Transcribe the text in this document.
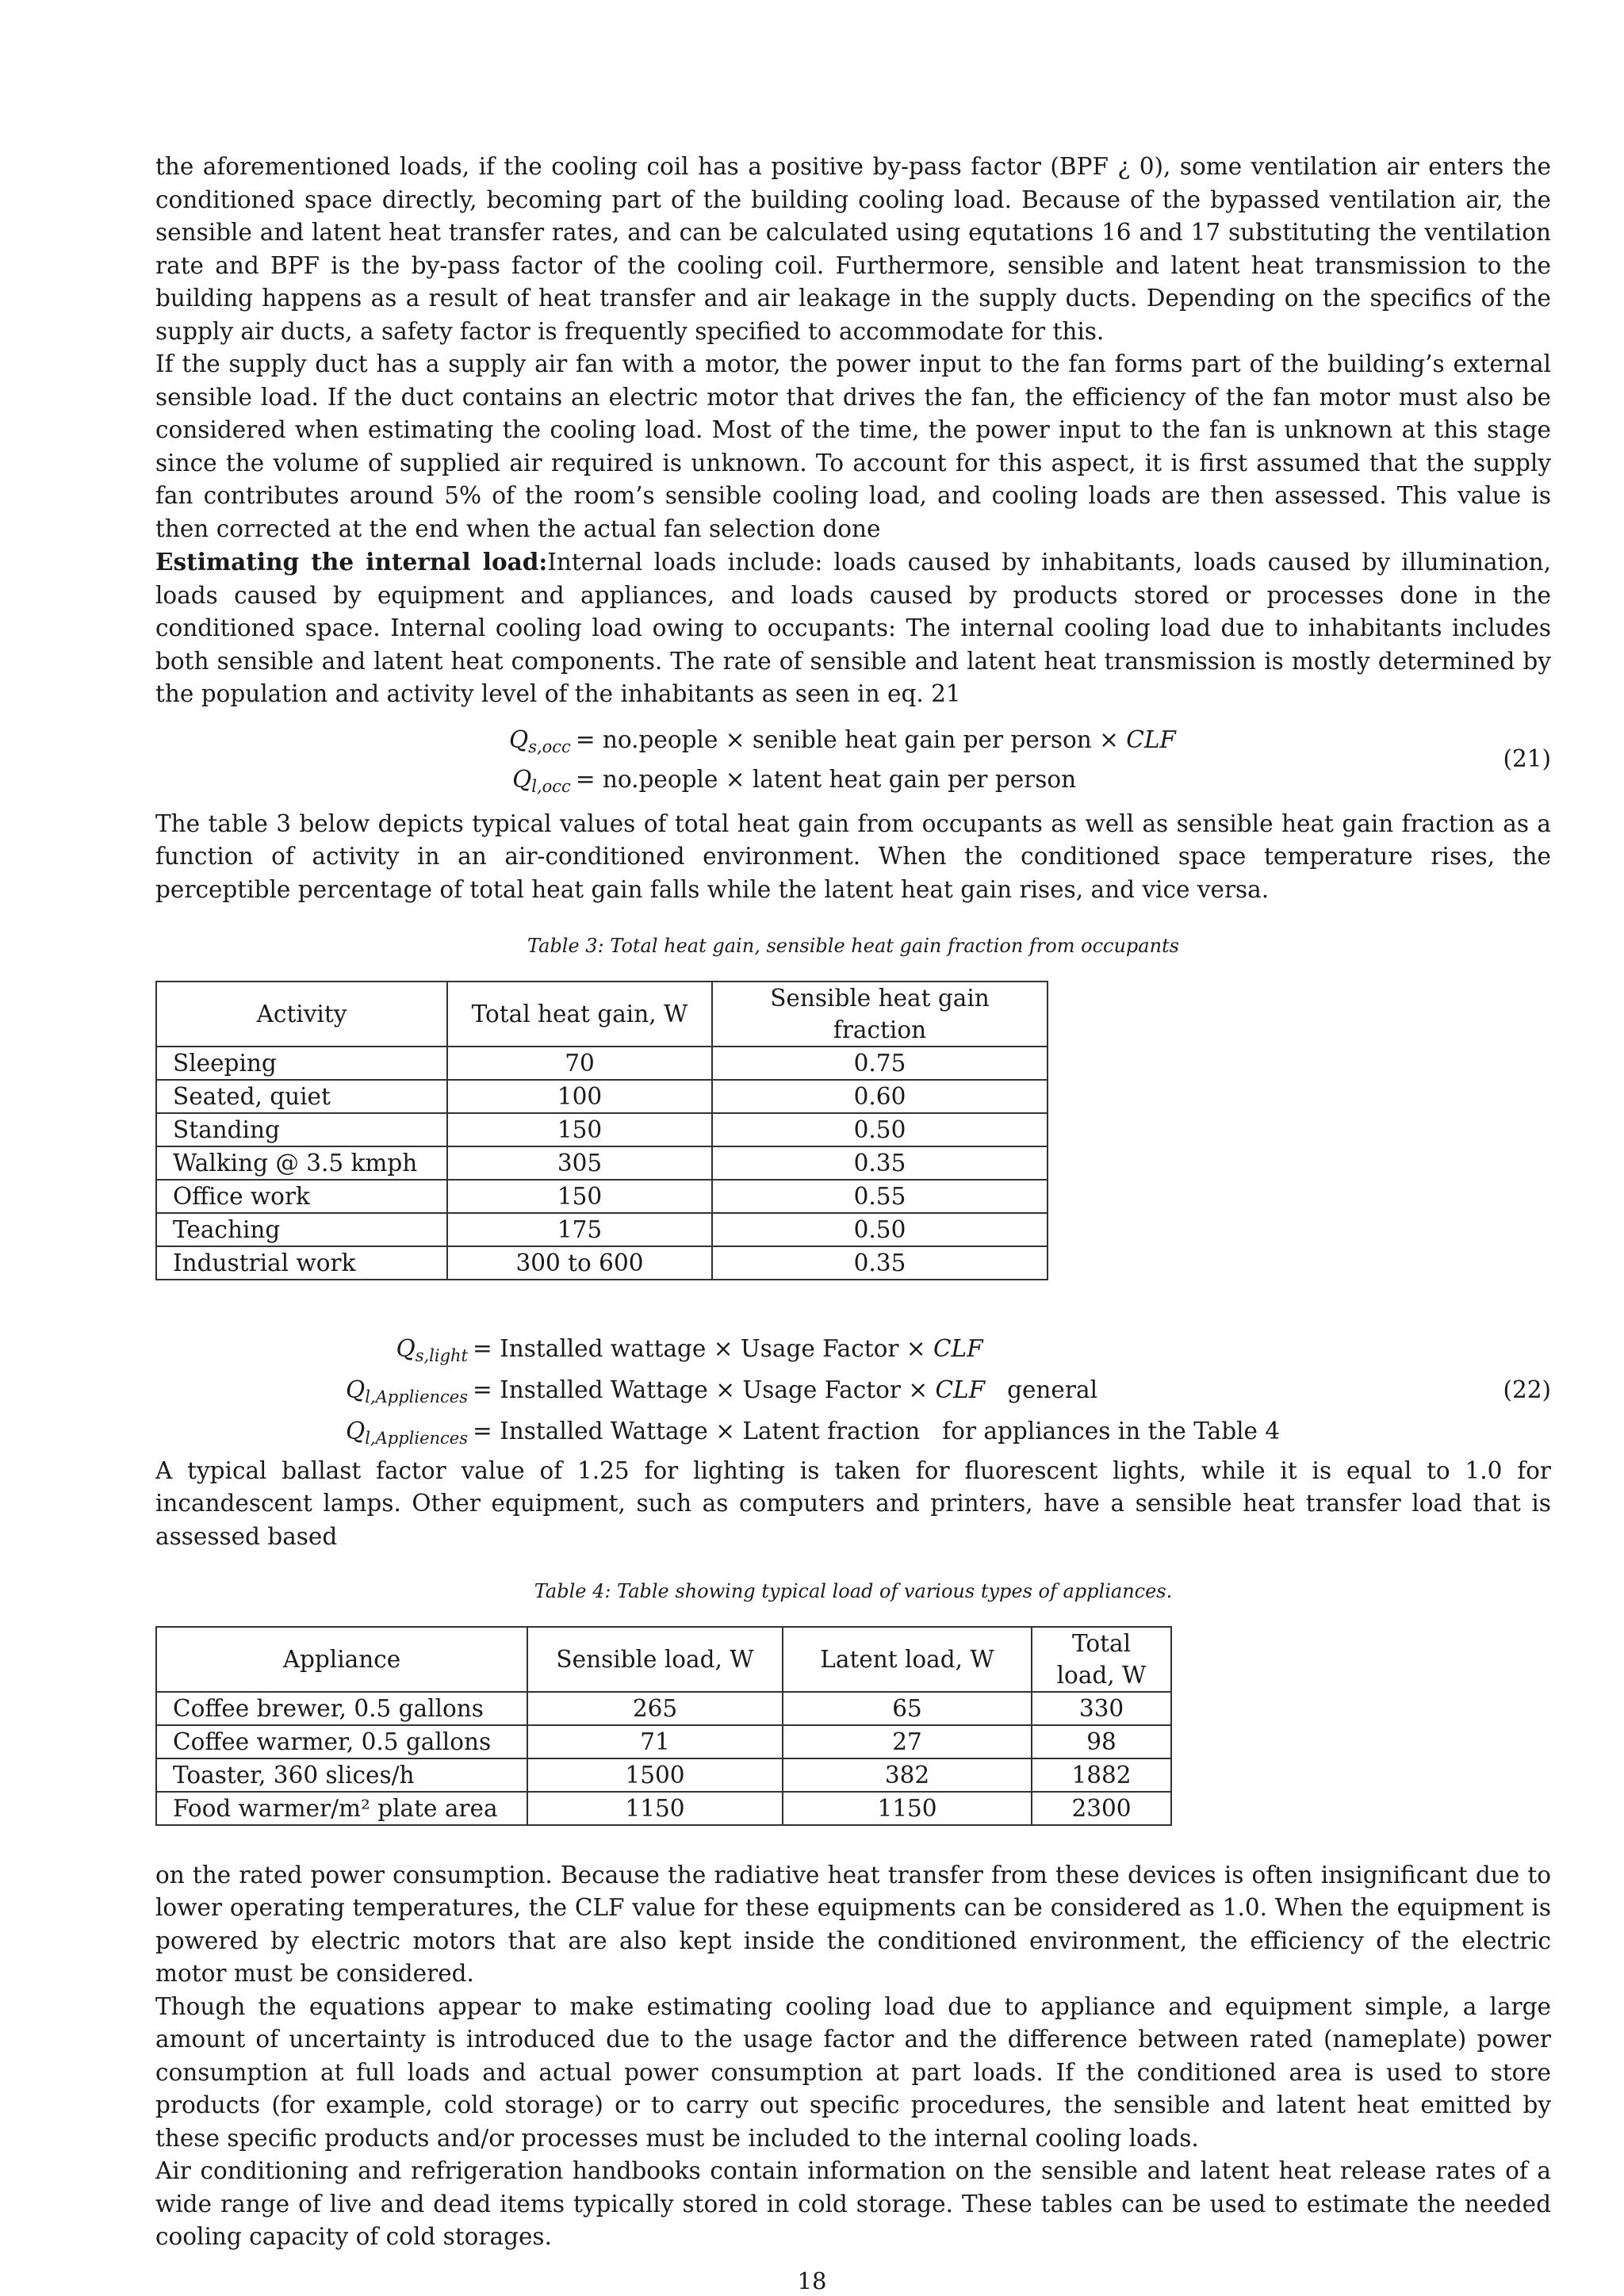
the aforementioned loads, if the cooling coil has a positive by-pass factor (BPF ¿ 0), some ventilation air enters the conditioned space directly, becoming part of the building cooling load. Because of the bypassed ventilation air, the sensible and latent heat transfer rates, and can be calculated using equtations 16 and 17 substituting the ventilation rate and BPF is the by-pass factor of the cooling coil. Furthermore, sensible and latent heat transmission to the building happens as a result of heat transfer and air leakage in the supply ducts. Depending on the specifics of the supply air ducts, a safety factor is frequently specified to accommodate for this.

If the supply duct has a supply air fan with a motor, the power input to the fan forms part of the building’s external sensible load. If the duct contains an electric motor that drives the fan, the efficiency of the fan motor must also be considered when estimating the cooling load. Most of the time, the power input to the fan is unknown at this stage since the volume of supplied air required is unknown. To account for this aspect, it is first assumed that the supply fan contributes around 5% of the room’s sensible cooling load, and cooling loads are then assessed. This value is then corrected at the end when the actual fan selection done

Estimating the internal load:Internal loads include: loads caused by inhabitants, loads caused by illumination, loads caused by equipment and appliances, and loads caused by products stored or processes done in the conditioned space. Internal cooling load owing to occupants: The internal cooling load due to inhabitants includes both sensible and latent heat components. The rate of sensible and latent heat transmission is mostly determined by the population and activity level of the inhabitants as seen in eq. 21

$Q_{s,occ}$	= no.people × senible heat gain per person × CLF
$Q_{l,occ}$	= no.people × latent heat gain per person
(21)

The table 3 below depicts typical values of total heat gain from occupants as well as sensible heat gain fraction as a function of activity in an air-conditioned environment. When the conditioned space temperature rises, the perceptible percentage of total heat gain falls while the latent heat gain rises, and vice versa.

Table 3: Total heat gain, sensible heat gain fraction from occupants
Activity	Total heat gain, W	Sensible heat gain fraction
Sleeping	70	0.75
Seated, quiet	100	0.60
Standing	150	0.50
Walking @ 3.5 kmph	305	0.35
Office work	150	0.55
Teaching	175	0.50
Industrial work	300 to 600	0.35
$Q_{s,light}$	= Installed wattage × Usage Factor × CLF
$Q_{l,Appliences}$	= Installed Wattage × Usage Factor × CLF general
$Q_{l,Appliences}$	= Installed Wattage × Latent fraction for appliances in the Table 4
(22)

A typical ballast factor value of 1.25 for lighting is taken for fluorescent lights, while it is equal to 1.0 for incandescent lamps. Other equipment, such as computers and printers, have a sensible heat transfer load that is assessed based

Table 4: Table showing typical load of various types of appliances.
Appliance	Sensible load, W	Latent load, W	Total load, W
Coffee brewer, 0.5 gallons	265	65	330
Coffee warmer, 0.5 gallons	71	27	98
Toaster, 360 slices/h	1500	382	1882
Food warmer/m² plate area	1150	1150	2300

on the rated power consumption. Because the radiative heat transfer from these devices is often insignificant due to lower operating temperatures, the CLF value for these equipments can be considered as 1.0. When the equipment is powered by electric motors that are also kept inside the conditioned environment, the efficiency of the electric motor must be considered.

Though the equations appear to make estimating cooling load due to appliance and equipment simple, a large amount of uncertainty is introduced due to the usage factor and the difference between rated (nameplate) power consumption at full loads and actual power consumption at part loads. If the conditioned area is used to store products (for example, cold storage) or to carry out specific procedures, the sensible and latent heat emitted by these specific products and/or processes must be included to the internal cooling loads.

Air conditioning and refrigeration handbooks contain information on the sensible and latent heat release rates of a wide range of live and dead items typically stored in cold storage. These tables can be used to estimate the needed cooling capacity of cold storages.

18
